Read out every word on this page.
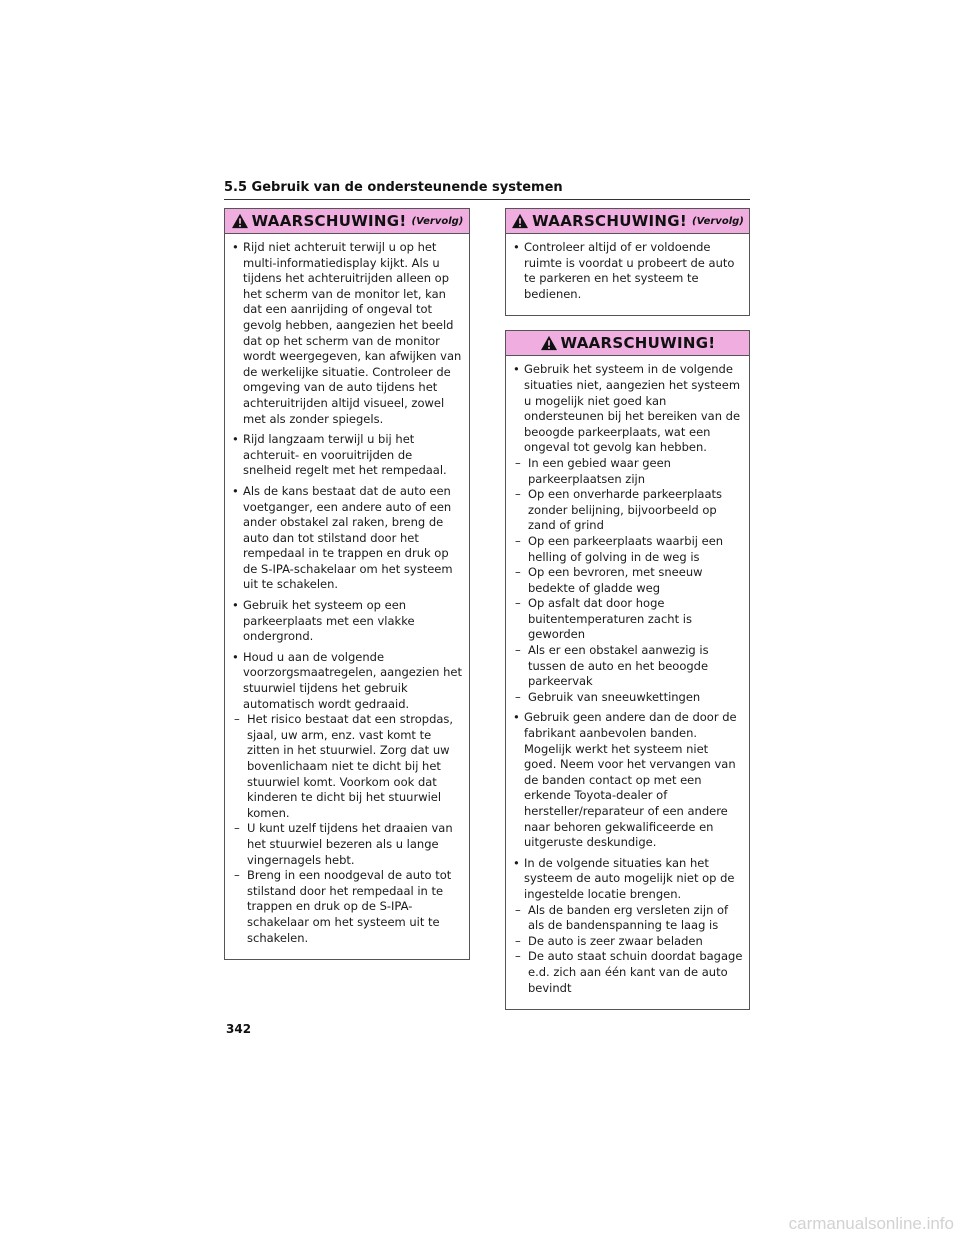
5.5 Gebruik van de ondersteunende systemen
WAARSCHUWING! (Vervolg)
• Rijd niet achteruit terwijl u op het multi-informatiedisplay kijkt. Als u tijdens het achteruitrijden alleen op het scherm van de monitor let, kan dat een aanrijding of ongeval tot gevolg hebben, aangezien het beeld dat op het scherm van de monitor wordt weergegeven, kan afwijken van de werkelijke situatie. Controleer de omgeving van de auto tijdens het achteruitrijden altijd visueel, zowel met als zonder spiegels.
• Rijd langzaam terwijl u bij het achteruit- en vooruitrijden de snelheid regelt met het rempedaal.
• Als de kans bestaat dat de auto een voetganger, een andere auto of een ander obstakel zal raken, breng de auto dan tot stilstand door het rempedaal in te trappen en druk op de S-IPA-schakelaar om het systeem uit te schakelen.
• Gebruik het systeem op een parkeerplaats met een vlakke ondergrond.
• Houd u aan de volgende voorzorgsmaatregelen, aangezien het stuurwiel tijdens het gebruik automatisch wordt gedraaid.
– Het risico bestaat dat een stropdas, sjaal, uw arm, enz. vast komt te zitten in het stuurwiel. Zorg dat uw bovenlichaam niet te dicht bij het stuurwiel komt. Voorkom ook dat kinderen te dicht bij het stuurwiel komen.
– U kunt uzelf tijdens het draaien van het stuurwiel bezeren als u lange vingernagels hebt.
– Breng in een noodgeval de auto tot stilstand door het rempedaal in te trappen en druk op de S-IPA-schakelaar om het systeem uit te schakelen.
WAARSCHUWING! (Vervolg)
• Controleer altijd of er voldoende ruimte is voordat u probeert de auto te parkeren en het systeem te bedienen.
WAARSCHUWING!
• Gebruik het systeem in de volgende situaties niet, aangezien het systeem u mogelijk niet goed kan ondersteunen bij het bereiken van de beoogde parkeerplaats, wat een ongeval tot gevolg kan hebben.
– In een gebied waar geen parkeerplaatsen zijn
– Op een onverharde parkeerplaats zonder belijning, bijvoorbeeld op zand of grind
– Op een parkeerplaats waarbij een helling of golving in de weg is
– Op een bevroren, met sneeuw bedekte of gladde weg
– Op asfalt dat door hoge buitentemperaturen zacht is geworden
– Als er een obstakel aanwezig is tussen de auto en het beoogde parkeervak
– Gebruik van sneeuwkettingen
• Gebruik geen andere dan de door de fabrikant aanbevolen banden. Mogelijk werkt het systeem niet goed. Neem voor het vervangen van de banden contact op met een erkende Toyota-dealer of hersteller/reparateur of een andere naar behoren gekwalificeerde en uitgeruste deskundige.
• In de volgende situaties kan het systeem de auto mogelijk niet op de ingestelde locatie brengen.
– Als de banden erg versleten zijn of als de bandenspanning te laag is
– De auto is zeer zwaar beladen
– De auto staat schuin doordat bagage e.d. zich aan één kant van de auto bevindt
342
carmanualsonline.info
